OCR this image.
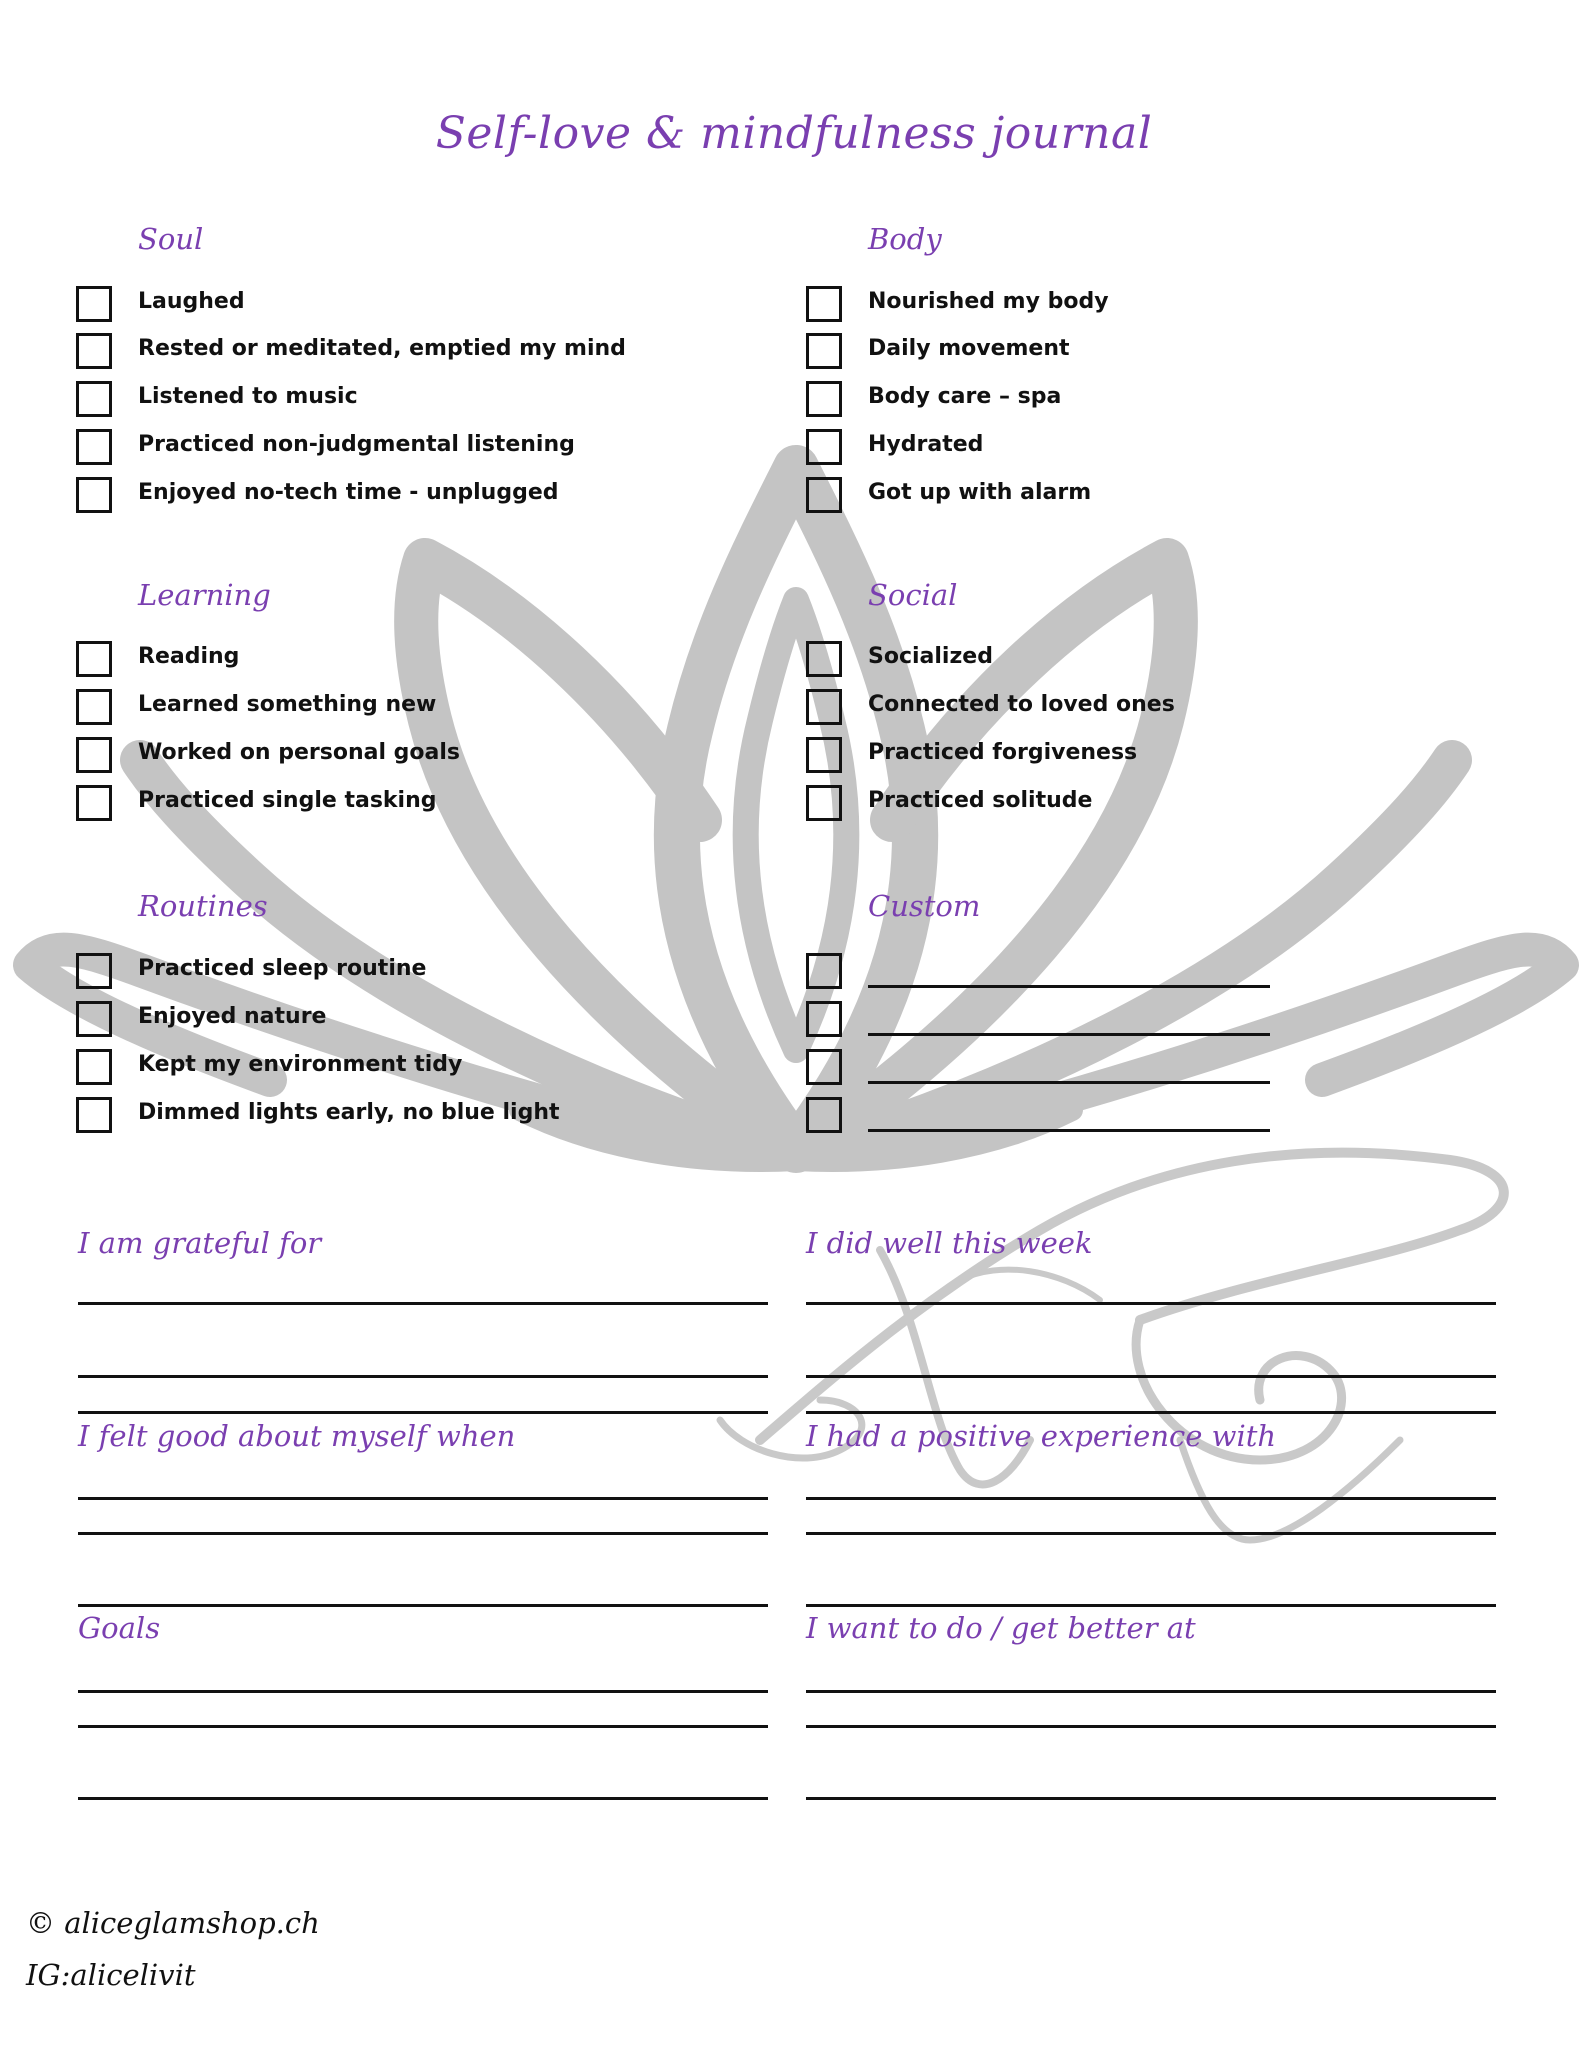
Self-love & mindfulness journal
Soul
Laughed
Rested or meditated, emptied my mind
Listened to music
Practiced non-judgmental listening
Enjoyed no-tech time - unplugged
Body
Nourished my body
Daily movement
Body care – spa
Hydrated
Got up with alarm
Learning
Reading
Learned something new
Worked on personal goals
Practiced single tasking
Social
Socialized
Connected to loved ones
Practiced forgiveness
Practiced solitude
Routines
Practiced sleep routine
Enjoyed nature
Kept my environment tidy
Dimmed lights early, no blue light
Custom
I am grateful for
I felt good about myself when
Goals
I did well this week
I had a positive experience with
I want to do / get better at
© aliceglamshop.ch
IG:alicelivit
